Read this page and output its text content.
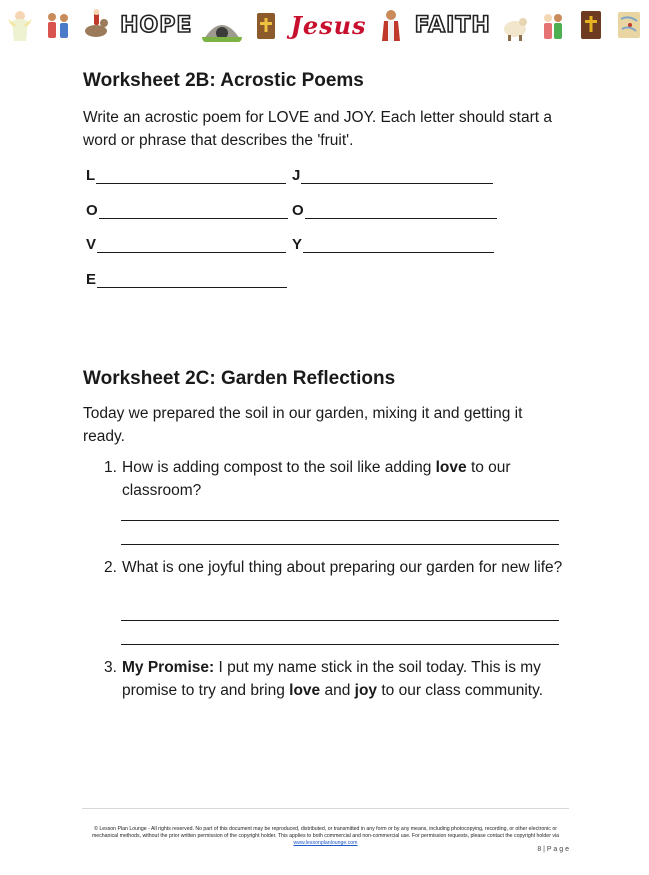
HOPE	Jesus FAITH
Worksheet 2B: Acrostic Poems

Write an acrostic poem for LOVE and JOY. Each letter should start a word or phrase that describes the 'fruit'.

L	J
O	O
V	Y
E
Worksheet 2C: Garden Reflections

Today we prepared the soil in our garden, mixing it and getting it ready.

1. How is adding compost to the soil like adding love to our classroom?
2. What is one joyful thing about preparing our garden for new life?
3. My Promise: I put my name stick in the soil today. This is my promise to try and bring love and joy to our class community.
© Lesson Plan Lounge - All rights reserved. No part of this document may be reproduced, distributed, or transmitted in any form or by any means, including photocopying, recording, or other electronic or mechanical methods, without the prior written permission of the copyright holder. This applies to both commercial and non-commercial use. For permission requests, please contact the copyright holder via
www.lessonplanlounge.com
8 | P a g e
